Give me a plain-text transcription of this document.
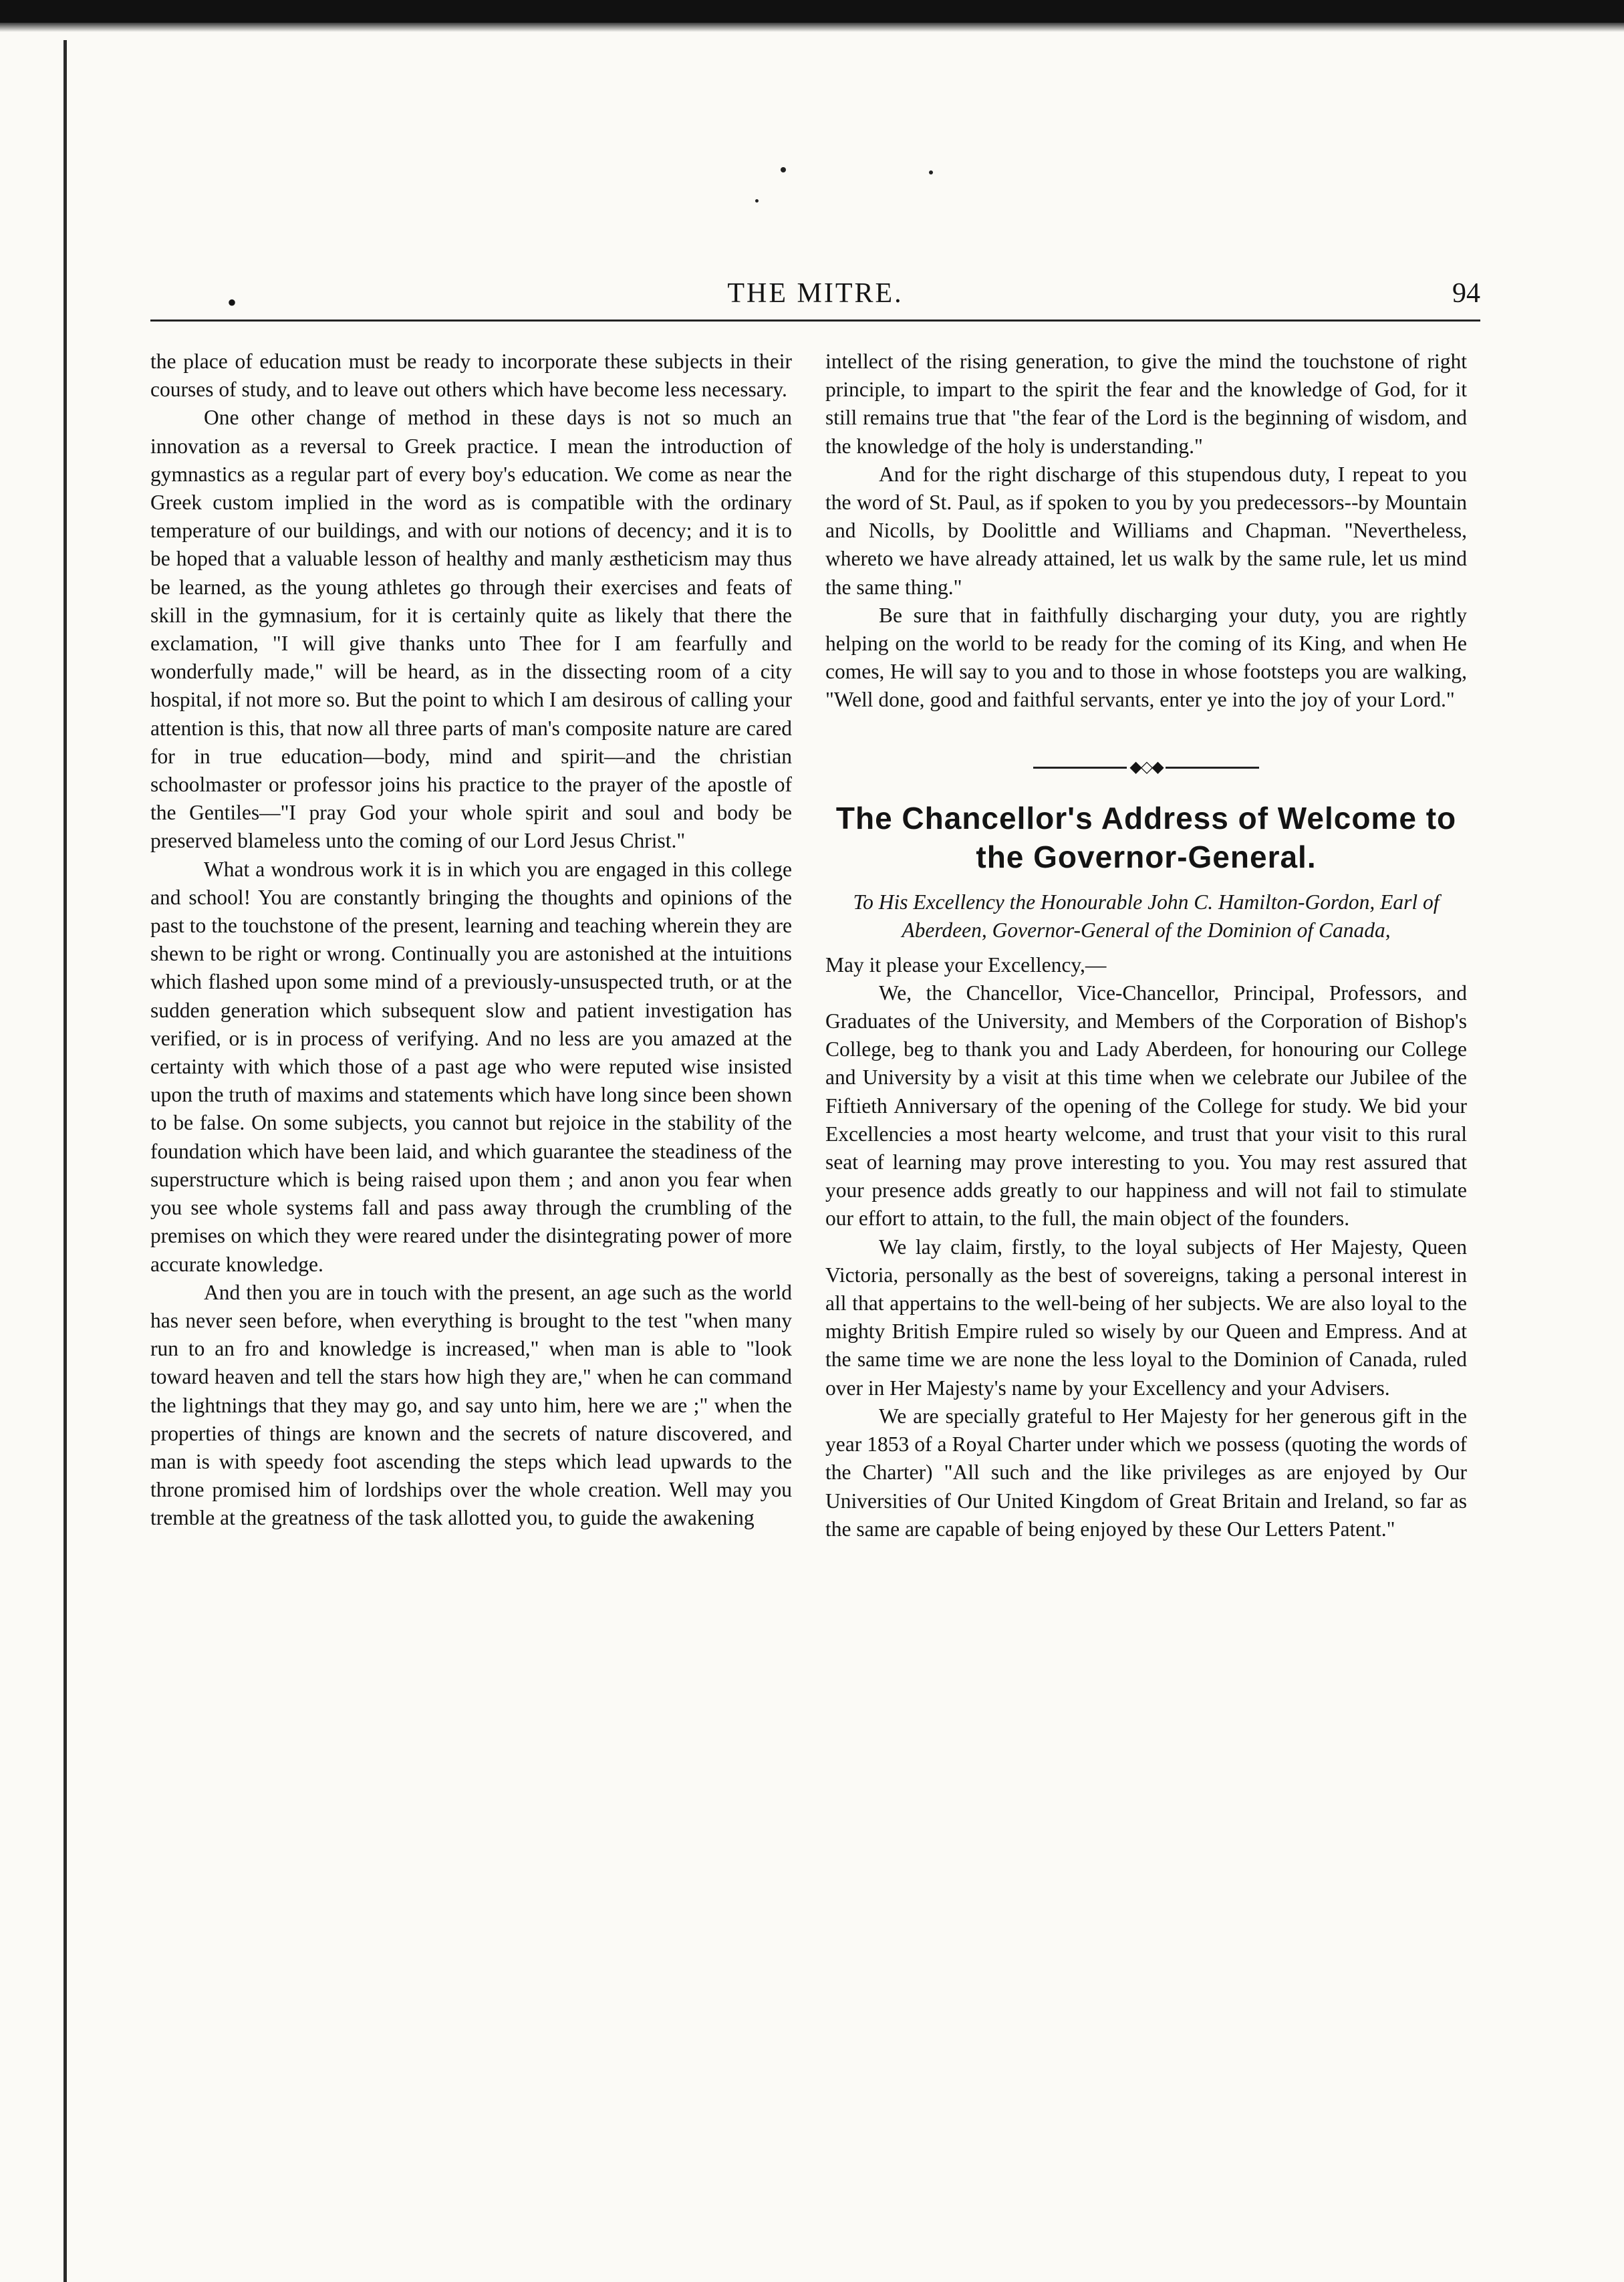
•	THE MITRE.	94

the place of education must be ready to incorporate these subjects in their courses of study, and to leave out others which have become less necessary.

One other change of method in these days is not so much an innovation as a reversal to Greek practice. I mean the introduction of gymnastics as a regular part of every boy's education. We come as near the Greek custom implied in the word as is compatible with the ordinary temperature of our buildings, and with our notions of decency; and it is to be hoped that a valuable lesson of healthy and manly æstheticism may thus be learned, as the young athletes go through their exercises and feats of skill in the gymnasium, for it is certainly quite as likely that there the exclamation, "I will give thanks unto Thee for I am fearfully and wonderfully made," will be heard, as in the dissecting room of a city hospital, if not more so. But the point to which I am desirous of calling your attention is this, that now all three parts of man's composite nature are cared for in true education—body, mind and spirit—and the christian schoolmaster or professor joins his practice to the prayer of the apostle of the Gentiles—"I pray God your whole spirit and soul and body be preserved blameless unto the coming of our Lord Jesus Christ."

What a wondrous work it is in which you are engaged in this college and school! You are constantly bringing the thoughts and opinions of the past to the touchstone of the present, learning and teaching wherein they are shewn to be right or wrong. Continually you are astonished at the intuitions which flashed upon some mind of a previously-unsuspected truth, or at the sudden generation which subsequent slow and patient investigation has verified, or is in process of verifying. And no less are you amazed at the certainty with which those of a past age who were reputed wise insisted upon the truth of maxims and statements which have long since been shown to be false. On some subjects, you cannot but rejoice in the stability of the foundation which have been laid, and which guarantee the steadiness of the superstructure which is being raised upon them ; and anon you fear when you see whole systems fall and pass away through the crumbling of the premises on which they were reared under the disintegrating power of more accurate knowledge.

And then you are in touch with the present, an age such as the world has never seen before, when everything is brought to the test "when many run to an fro and knowledge is increased," when man is able to "look toward heaven and tell the stars how high they are," when he can command the lightnings that they may go, and say unto him, here we are ;" when the properties of things are known and the secrets of nature discovered, and man is with speedy foot ascending the steps which lead upwards to the throne promised him of lordships over the whole creation. Well may you tremble at the greatness of the task allotted you, to guide the awakening

intellect of the rising generation, to give the mind the touchstone of right principle, to impart to the spirit the fear and the knowledge of God, for it still remains true that "the fear of the Lord is the beginning of wisdom, and the knowledge of the holy is understanding."

And for the right discharge of this stupendous duty, I repeat to you the word of St. Paul, as if spoken to you by you predecessors--by Mountain and Nicolls, by Doolittle and Williams and Chapman. "Nevertheless, whereto we have already attained, let us walk by the same rule, let us mind the same thing."

Be sure that in faithfully discharging your duty, you are rightly helping on the world to be ready for the coming of its King, and when He comes, He will say to you and to those in whose footsteps you are walking, "Well done, good and faithful servants, enter ye into the joy of your Lord."

◆◇◆
The Chancellor's Address of Welcome to the Governor-General.
To His Excellency the Honourable John C. Hamilton-Gordon, Earl of Aberdeen, Governor-General of the Dominion of Canada,

May it please your Excellency,—

We, the Chancellor, Vice-Chancellor, Principal, Professors, and Graduates of the University, and Members of the Corporation of Bishop's College, beg to thank you and Lady Aberdeen, for honouring our College and University by a visit at this time when we celebrate our Jubilee of the Fiftieth Anniversary of the opening of the College for study. We bid your Excellencies a most hearty welcome, and trust that your visit to this rural seat of learning may prove interesting to you. You may rest assured that your presence adds greatly to our happiness and will not fail to stimulate our effort to attain, to the full, the main object of the founders.

We lay claim, firstly, to the loyal subjects of Her Majesty, Queen Victoria, personally as the best of sovereigns, taking a personal interest in all that appertains to the well-being of her subjects. We are also loyal to the mighty British Empire ruled so wisely by our Queen and Empress. And at the same time we are none the less loyal to the Dominion of Canada, ruled over in Her Majesty's name by your Excellency and your Advisers.

We are specially grateful to Her Majesty for her generous gift in the year 1853 of a Royal Charter under which we possess (quoting the words of the Charter) "All such and the like privileges as are enjoyed by Our Universities of Our United Kingdom of Great Britain and Ireland, so far as the same are capable of being enjoyed by these Our Letters Patent."
